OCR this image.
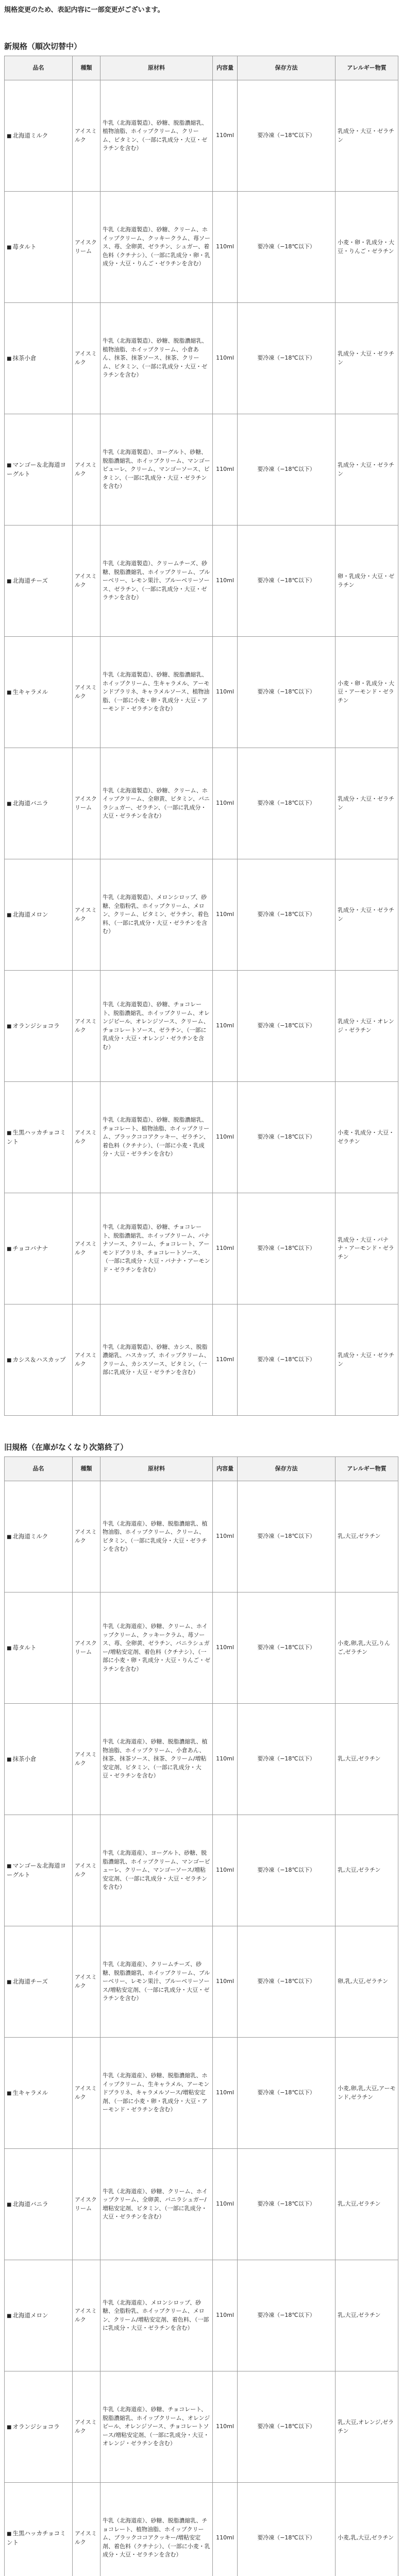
規格変更のため、表記内容に一部変更がございます。
新規格（順次切替中）
品名	種類	原材料	内容量	保存方法	アレルギー物質
■ 北海道ミルク	アイスミルク	牛乳（北海道製造）、砂糖、脱脂濃縮乳、植物油脂、ホイップクリーム、クリーム、ビタミン、（一部に乳成分・大豆・ゼラチンを含む）	110ml	要冷凍（−18℃以下）	乳成分・大豆・ゼラチン
■ 苺タルト	アイスクリーム	牛乳（北海道製造）、砂糖、クリーム、ホイップクリーム、クッキークラム、苺ソース、苺、全卵黄、ゼラチン、シュガー、着色料（クチナシ）、（一部に乳成分・卵・乳成分・大豆・りんご・ゼラチンを含む）	110ml	要冷凍（−18℃以下）	小麦・卵・乳成分・大豆・りんご・ゼラチン
■ 抹茶小倉	アイスミルク	牛乳（北海道製造）、砂糖、脱脂濃縮乳、植物油脂、ホイップクリーム、小倉あん、抹茶、抹茶ソース、抹茶、クリーム、ビタミン、（一部に乳成分・大豆・ゼラチンを含む）	110ml	要冷凍（−18℃以下）	乳成分・大豆・ゼラチン
■ マンゴー＆北海道ヨーグルト	アイスミルク	牛乳（北海道製造）、ヨーグルト、砂糖、脱脂濃縮乳、ホイップクリーム、マンゴーピューレ、クリーム、マンゴーソース、ビタミン、（一部に乳成分・大豆・ゼラチンを含む）	110ml	要冷凍（−18℃以下）	乳成分・大豆・ゼラチン
■ 北海道チーズ	アイスミルク	牛乳（北海道製造）、クリームチーズ、砂糖、脱脂濃縮乳、ホイップクリーム、ブルーベリー、レモン果汁、ブルーベリーソース、ゼラチン、（一部に乳成分・大豆・ゼラチンを含む）	110ml	要冷凍（−18℃以下）	卵・乳成分・大豆・ゼラチン
■ 生キャラメル	アイスミルク	牛乳（北海道製造）、砂糖、脱脂濃縮乳、ホイップクリーム、生キャラメル、アーモンドプラリネ、キャラメルソース、植物油脂、（一部に小麦・卵・乳成分・大豆・アーモンド・ゼラチンを含む）	110ml	要冷凍（−18℃以下）	小麦・卵・乳成分・大豆・アーモンド・ゼラチン
■ 北海道バニラ	アイスクリーム	牛乳（北海道製造）、砂糖、クリーム、ホイップクリーム、全卵黄、ビタミン、バニラシュガー、ゼラチン、（一部に乳成分・大豆・ゼラチンを含む）	110ml	要冷凍（−18℃以下）	乳成分・大豆・ゼラチン
■ 北海道メロン	アイスミルク	牛乳（北海道製造）、メロンシロップ、砂糖、全脂粉乳、ホイップクリーム、メロン、クリーム、ビタミン、ゼラチン、着色料、（一部に乳成分・大豆・ゼラチンを含む）	110ml	要冷凍（−18℃以下）	乳成分・大豆・ゼラチン
■ オランジショコラ	アイスミルク	牛乳（北海道製造）、砂糖、チョコレート、脱脂濃縮乳、ホイップクリーム、オレンジピール、オレンジソース、クリーム、チョコレートソース、ゼラチン、（一部に乳成分・大豆・オレンジ・ゼラチンを含む）	110ml	要冷凍（−18℃以下）	乳成分・大豆・オレンジ・ゼラチン
■ 生黒ハッカチョコミント	アイスミルク	牛乳（北海道製造）、砂糖、脱脂濃縮乳、チョコレート、植物油脂、ホイップクリーム、ブラックココアクッキー、ゼラチン、着色料（クチナシ）、（一部に小麦・乳成分・大豆・ゼラチンを含む）	110ml	要冷凍（−18℃以下）	小麦・乳成分・大豆・ゼラチン
■ チョコバナナ	アイスミルク	牛乳（北海道製造）、砂糖、チョコレート、脱脂濃縮乳、ホイップクリーム、バナナソース、クリーム、チョコレート、アーモンドプラリネ、チョコレートソース、（一部に乳成分・大豆・バナナ・アーモンド・ゼラチンを含む）	110ml	要冷凍（−18℃以下）	乳成分・大豆・バナナ・アーモンド・ゼラチン
■ カシス＆ハスカップ	アイスミルク	牛乳（北海道製造）、砂糖、カシス、脱脂濃縮乳、ハスカップ、ホイップクリーム、クリーム、カシスソース、ビタミン、（一部に乳成分・大豆・ゼラチンを含む）	110ml	要冷凍（−18℃以下）	乳成分・大豆・ゼラチン
旧規格（在庫がなくなり次第終了）
品名	種類	原材料	内容量	保存方法	アレルギー物質
■ 北海道ミルク	アイスミルク	牛乳（北海道産）、砂糖、脱脂濃縮乳、植物油脂、ホイップクリーム、クリーム、ビタミン、（一部に乳成分・大豆・ゼラチンを含む）	110ml	要冷凍（−18℃以下）	乳,大豆,ゼラチン
■ 苺タルト	アイスクリーム	牛乳（北海道産）、砂糖、クリーム、ホイップクリーム、クッキークラム、苺ソース、苺、全卵黄、ゼラチン、バニラシュガー/増粘安定剤、着色料（クチナシ）、（一部に小麦・卵・乳成分・大豆・りんご・ゼラチンを含む）	110ml	要冷凍（−18℃以下）	小麦,卵,乳,大豆,りんご,ゼラチン
■ 抹茶小倉	アイスミルク	牛乳（北海道産）、砂糖、脱脂濃縮乳、植物油脂、ホイップクリーム、小倉あん、抹茶、抹茶ソース、抹茶、クリーム/増粘安定剤、ビタミン、（一部に乳成分・大豆・ゼラチンを含む）	110ml	要冷凍（−18℃以下）	乳,大豆,ゼラチン
■ マンゴー＆北海道ヨーグルト	アイスミルク	牛乳（北海道産）、ヨーグルト、砂糖、脱脂濃縮乳、ホイップクリーム、マンゴーピューレ、クリーム、マンゴーソース/増粘安定剤、（一部に乳成分・大豆・ゼラチンを含む）	110ml	要冷凍（−18℃以下）	乳,大豆,ゼラチン
■ 北海道チーズ	アイスミルク	牛乳（北海道産）、クリームチーズ、砂糖、脱脂濃縮乳、ホイップクリーム、ブルーベリー、レモン果汁、ブルーベリーソース/増粘安定剤、（一部に乳成分・大豆・ゼラチンを含む）	110ml	要冷凍（−18℃以下）	卵,乳,大豆,ゼラチン
■ 生キャラメル	アイスミルク	牛乳（北海道産）、砂糖、脱脂濃縮乳、ホイップクリーム、生キャラメル、アーモンドプラリネ、キャラメルソース/増粘安定剤、（一部に小麦・卵・乳成分・大豆・アーモンド・ゼラチンを含む）	110ml	要冷凍（−18℃以下）	小麦,卵,乳,大豆,アーモンド,ゼラチン
■ 北海道バニラ	アイスクリーム	牛乳（北海道産）、砂糖、クリーム、ホイップクリーム、全卵黄、バニラシュガー/増粘安定剤、ビタミン、（一部に乳成分・大豆・ゼラチンを含む）	110ml	要冷凍（−18℃以下）	乳,大豆,ゼラチン
■ 北海道メロン	アイスミルク	牛乳（北海道産）、メロンシロップ、砂糖、全脂粉乳、ホイップクリーム、メロン、クリーム/増粘安定剤、着色料、（一部に乳成分・大豆・ゼラチンを含む）	110ml	要冷凍（−18℃以下）	乳,大豆,ゼラチン
■ オランジショコラ	アイスミルク	牛乳（北海道産）、砂糖、チョコレート、脱脂濃縮乳、ホイップクリーム、オレンジピール、オレンジソース、チョコレートソース/増粘安定剤、（一部に乳成分・大豆・オレンジ・ゼラチンを含む）	110ml	要冷凍（−18℃以下）	乳,大豆,オレンジ,ゼラチン
■ 生黒ハッカチョコミント	アイスミルク	牛乳（北海道産）、砂糖、脱脂濃縮乳、チョコレート、植物油脂、ホイップクリーム、ブラックココアクッキー/増粘安定剤、着色料（クチナシ）、（一部に小麦・乳成分・大豆・ゼラチンを含む）	110ml	要冷凍（−18℃以下）	小麦,乳,大豆,ゼラチン
